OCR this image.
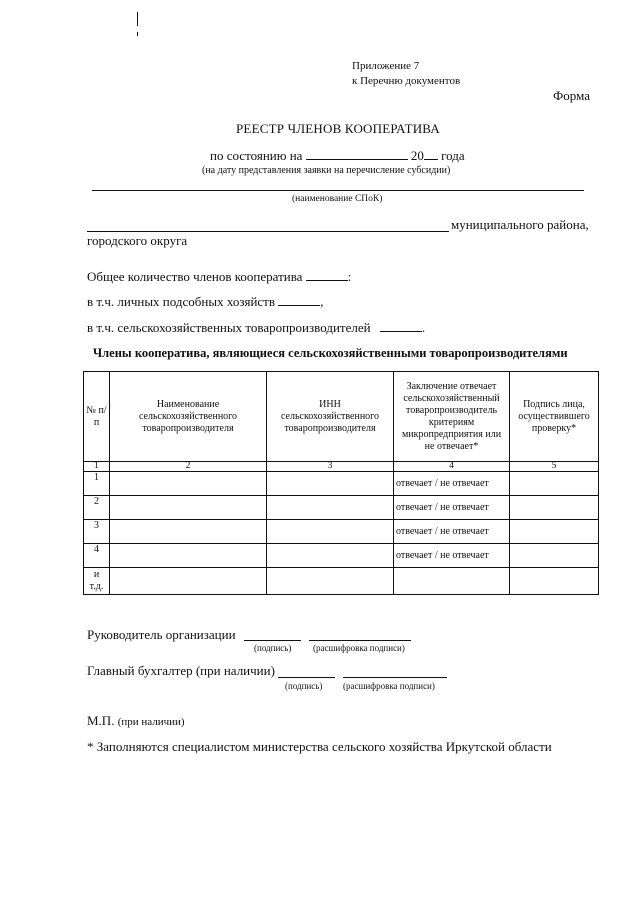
Приложение 7
к Перечню документов
Форма
РЕЕСТР ЧЛЕНОВ КООПЕРАТИВА
по состоянию на	20 года
(на дату представления заявки на перечисление субсидии)
(наименование СПоК)
муниципального района,
городского округа
Общее количество членов кооператива	:
в т.ч. личных подсобных хозяйств	,
в т.ч. сельскохозяйственных товаропроизводителей	.
Члены кооператива, являющиеся сельскохозяйственными товаропроизводителями
№ п/п	Наименование сельскохозяйственного товаропроизводителя	ИНН сельскохозяйственного товаропроизводителя	Заключение отвечает сельскохозяйственный товаропроизводитель критериям микропредприятия или не отвечает*	Подпись лица, осуществившего проверку*
1	2	3	4	5
1			отвечает / не отвечает	
2			отвечает / не отвечает	
3			отвечает / не отвечает	
4			отвечает / не отвечает	
и т.д.				
Руководитель организации
(подпись) (расшифровка подписи)
Главный бухгалтер (при наличии)
(подпись) (расшифровка подписи)
М.П. (при наличии)
* Заполняются специалистом министерства сельского хозяйства Иркутской области
